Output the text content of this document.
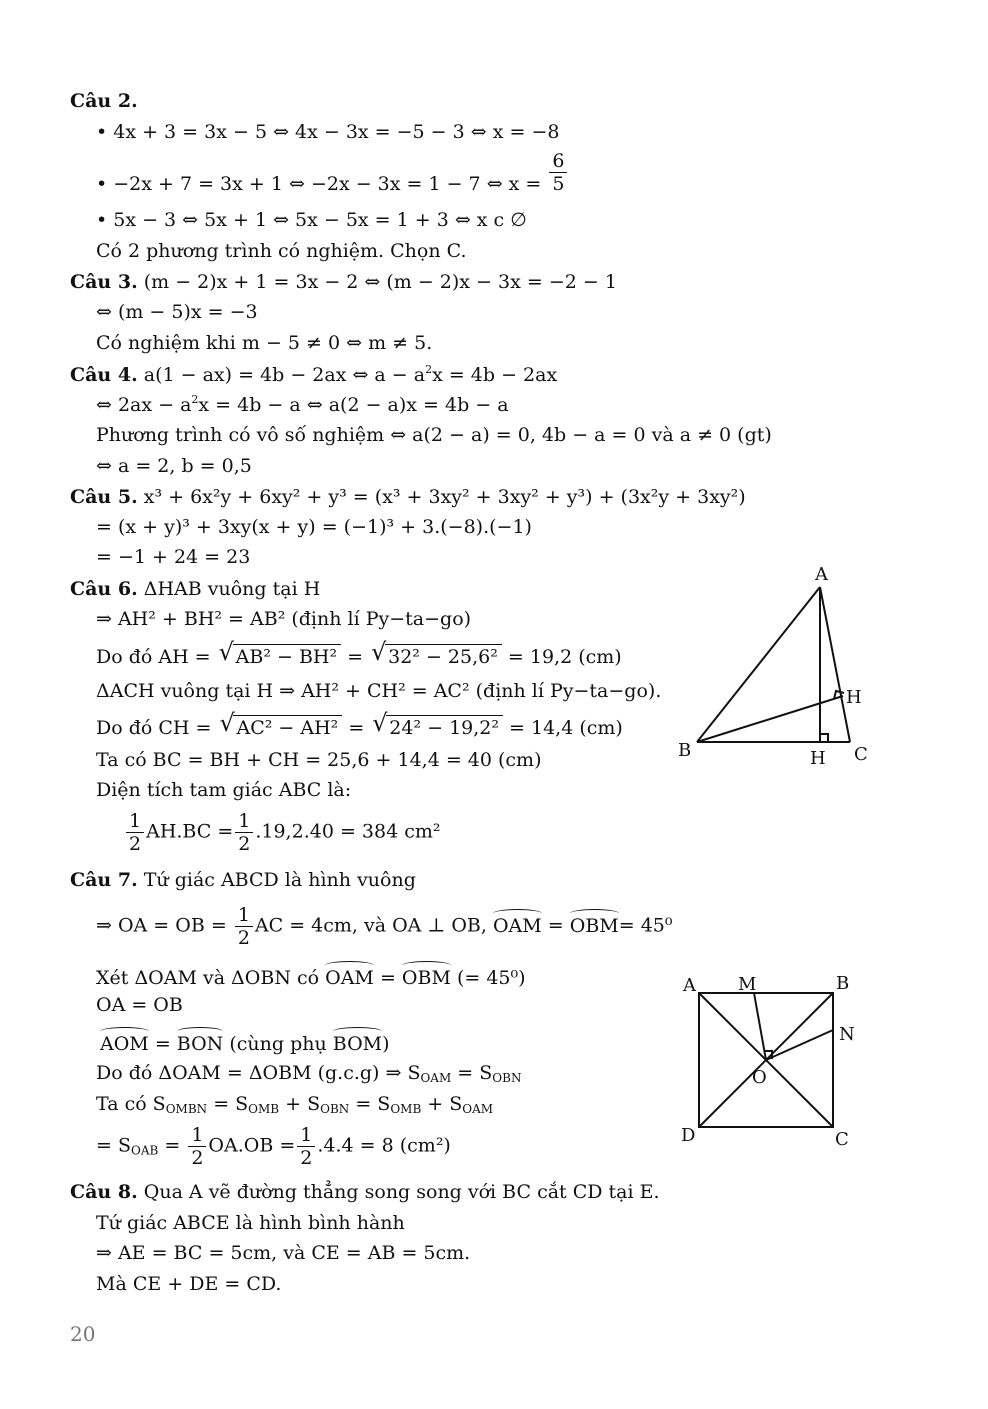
Câu 2.
• 4x + 3 = 3x − 5 ⇔ 4x − 3x = −5 − 3 ⇔ x = −8
• −2x + 7 = 3x + 1 ⇔ −2x − 3x = 1 − 7 ⇔ $x = \frac{6}{5}$
• 5x − 3 ⇔ 5x + 1 ⇔ 5x − 5x = 1 + 3 ⇔ x c ∅
Có 2 phương trình có nghiệm. Chọn C.
Câu 3. (m − 2)x + 1 = 3x − 2 ⇔ (m − 2)x − 3x = −2 − 1
⇔ (m − 5)x = −3
Có nghiệm khi m − 5 ≠ 0 ⇔ m ≠ 5.
Câu 4. a(1 − ax) = 4b − 2ax ⇔ $a - a^2x = 4b - 2ax$
⇔ $2ax - a^2x = 4b - a$ ⇔ a(2 − a)x = 4b − a
Phương trình có vô số nghiệm ⇔ a(2 − a) = 0, 4b − a = 0 và a ≠ 0 (gt)
⇔ a = 2, b = 0,5
Câu 5. x³ + 6x²y + 6xy² + y³ = (x³ + 3xy² + 3xy² + y³) + (3x²y + 3xy²)
= (x + y)³ + 3xy(x + y) = (−1)³ + 3.(−8).(−1)
= −1 + 24 = 23
Câu 6. ΔHAB vuông tại H
⇒ AH² + BH² = AB² (định lí Py−ta−go)
Do đó AH = √ AB² − BH² = √ 32² − 25,6² = 19,2 (cm)
ΔACH vuông tại H ⇒ AH² + CH² = AC² (định lí Py−ta−go).
Do đó CH = √ AC² − AH² = √ 24² − 19,2² = 14,4 (cm)
Ta có BC = BH + CH = 25,6 + 14,4 = 40 (cm)
Diện tích tam giác ABC là:
$\frac{1}{2} AH.BC = \frac{1}{2} .19,2.40 = 384$ cm²
A
B	C
H
H
Câu 7. Tứ giác ABCD là hình vuông
⇒ OA = OB = $\frac{1}{2}$ AC = 4cm, và OA ⊥ OB, OAM = OBM= 45⁰
Xét ΔOAM và ΔOBN có OAM = OBM (= 45⁰)
OA = OB
AOM = BON (cùng phụ BOM)
Do đó ΔOAM = ΔOBM (g.c.g) ⇒ $S_{OAM} = S_{OBN}$
Ta có $S_{OMBN} = S_{OMB} + S_{OBN} = S_{OMB} + S_{OAM}$
= $S_{OAB} = \frac{1}{2} OA.OB = \frac{1}{2} .4.4 = 8$ (cm²)
A M	B
N
O
D	C
Câu 8. Qua A vẽ đường thẳng song song với BC cắt CD tại E.
Tứ giác ABCE là hình bình hành
⇒ AE = BC = 5cm, và CE = AB = 5cm.
Mà CE + DE = CD.
20
